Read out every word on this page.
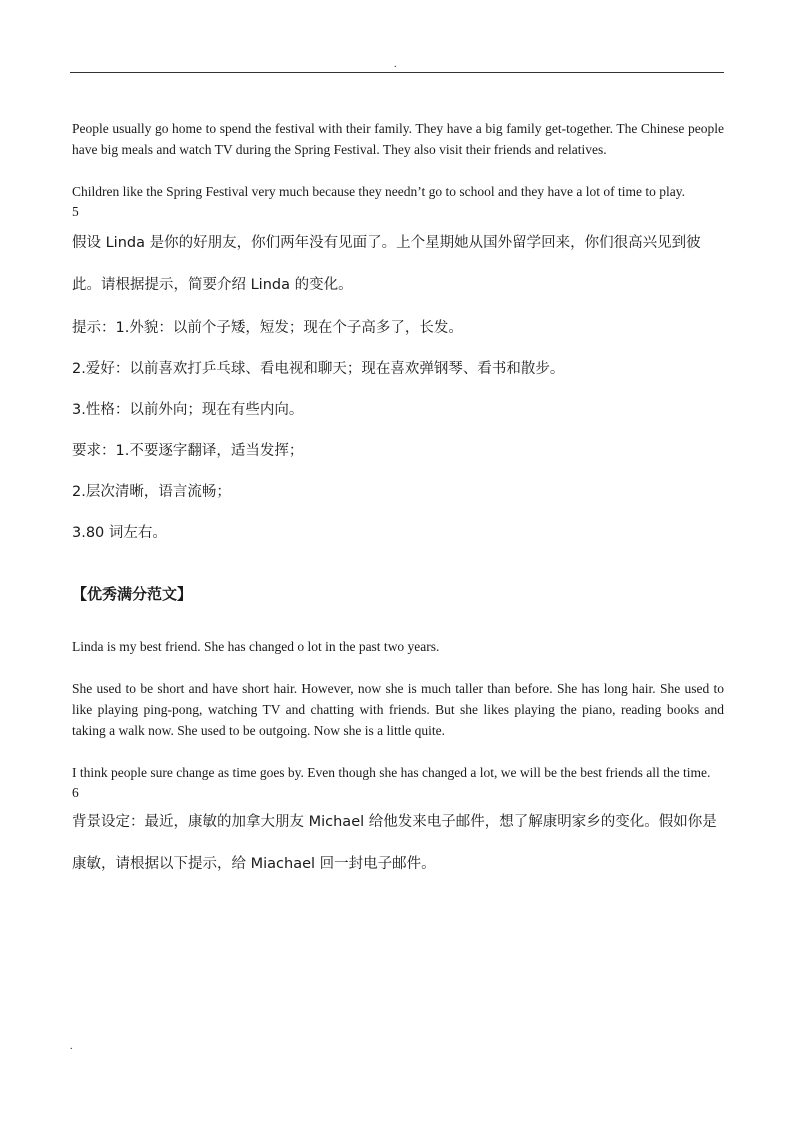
.

People usually go home to spend the festival with their family. They have a big family get-together. The Chinese people have big meals and watch TV during the Spring Festival. They also visit their friends and relatives.

Children like the Spring Festival very much because they needn’t go to school and they have a lot of time to play.

5

假设 Linda 是你的好朋友，你们两年没有见面了。上个星期她从国外留学回来，你们很高兴见到彼此。请根据提示，简要介绍 Linda 的变化。

提示：1.外貌：以前个子矮，短发；现在个子高多了，长发。

2.爱好：以前喜欢打乒乓球、看电视和聊天；现在喜欢弹钢琴、看书和散步。

3.性格：以前外向；现在有些内向。

要求：1.不要逐字翻译，适当发挥；

2.层次清晰，语言流畅；

3.80 词左右。

【优秀满分范文】

Linda is my best friend. She has changed o lot in the past two years.

She used to be short and have short hair. However, now she is much taller than before. She has long hair. She used to like playing ping-pong, watching TV and chatting with friends. But she likes playing the piano, reading books and taking a walk now. She used to be outgoing. Now she is a little quite.

I think people sure change as time goes by. Even though she has changed a lot, we will be the best friends all the time.

6

背景设定：最近，康敏的加拿大朋友 Michael 给他发来电子邮件，想了解康明家乡的变化。假如你是康敏，请根据以下提示，给 Miachael 回一封电子邮件。

.
